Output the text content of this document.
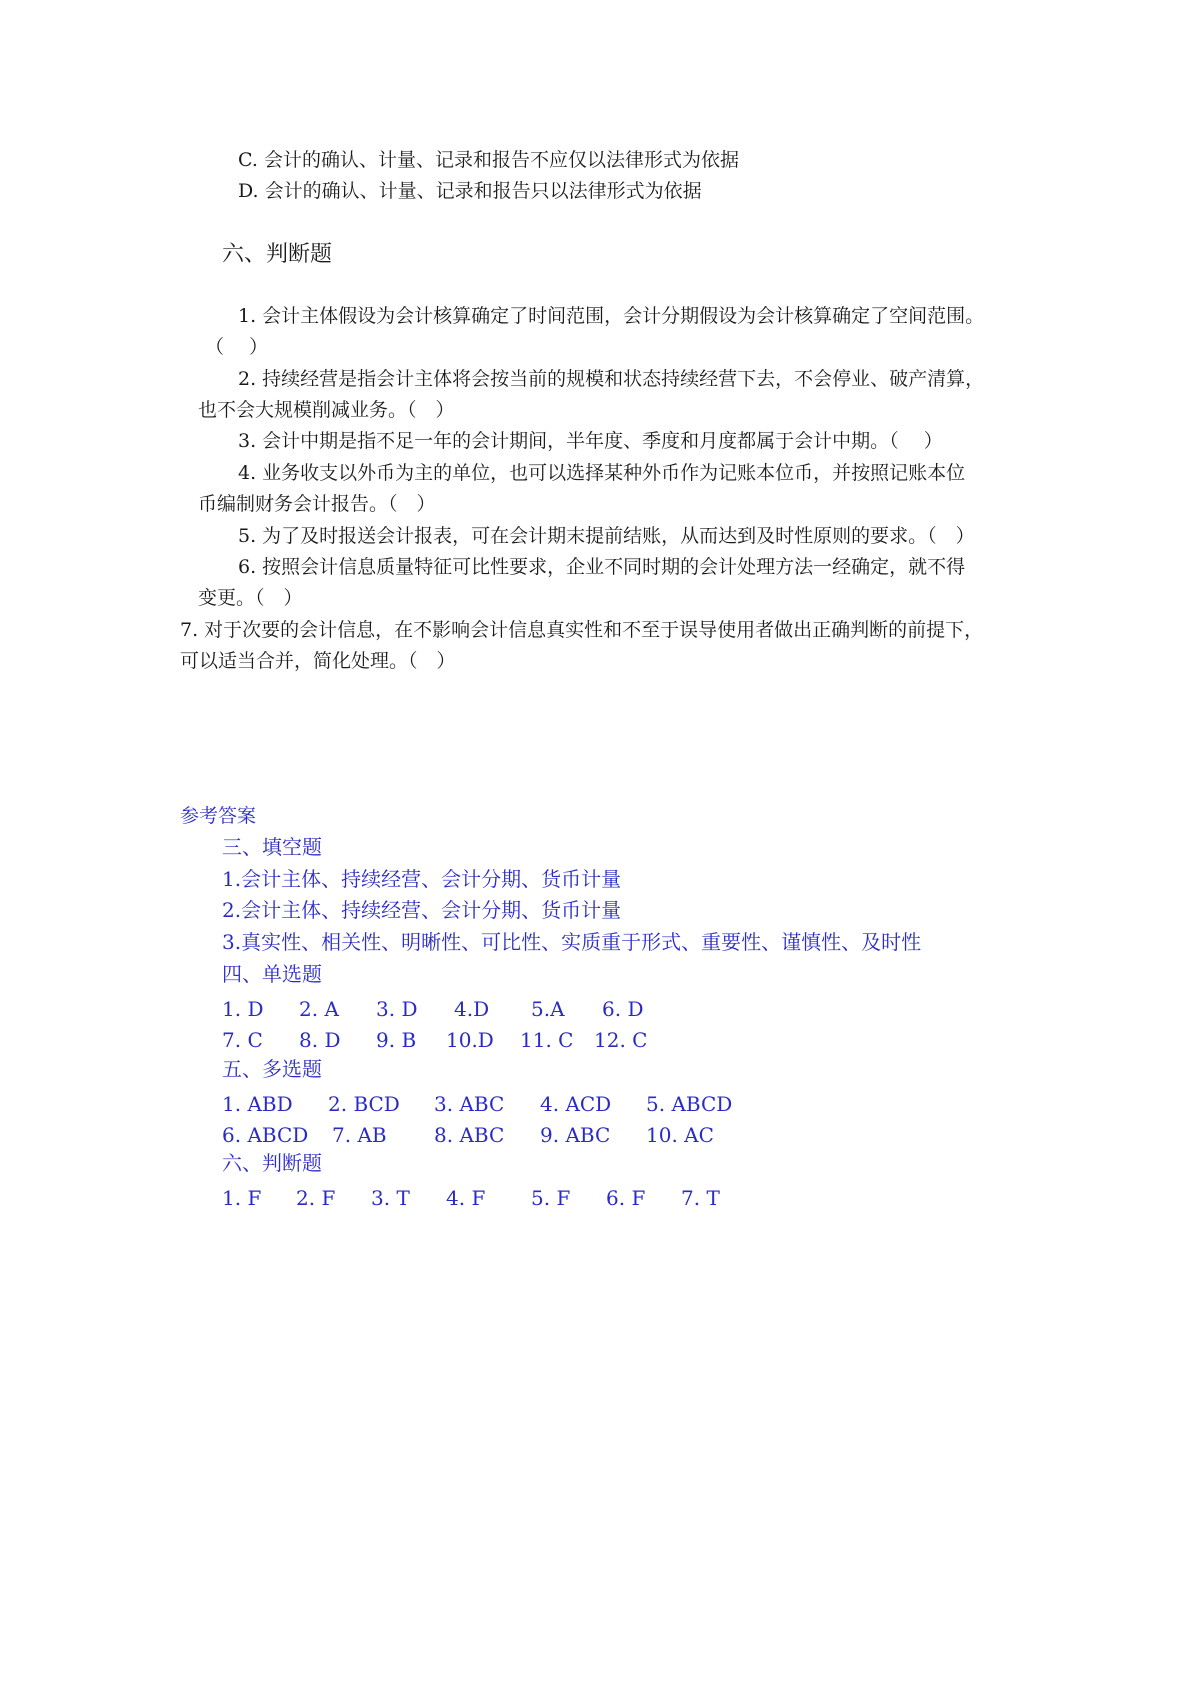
C. 会计的确认、计量、记录和报告不应仅以法律形式为依据
D. 会计的确认、计量、记录和报告只以法律形式为依据
六、判断题
1. 会计主体假设为会计核算确定了时间范围，会计分期假设为会计核算确定了空间范围。
（　 ）
2. 持续经营是指会计主体将会按当前的规模和状态持续经营下去，不会停业、破产清算，
也不会大规模削减业务。（　）
3. 会计中期是指不足一年的会计期间，半年度、季度和月度都属于会计中期。（　 ）
4. 业务收支以外币为主的单位，也可以选择某种外币作为记账本位币，并按照记账本位
币编制财务会计报告。（　）
5. 为了及时报送会计报表，可在会计期末提前结账，从而达到及时性原则的要求。（　）
6. 按照会计信息质量特征可比性要求，企业不同时期的会计处理方法一经确定，就不得
变更。（　）
7. 对于次要的会计信息，在不影响会计信息真实性和不至于误导使用者做出正确判断的前提下，
可以适当合并，简化处理。（　）
参考答案
三、填空题
1.会计主体、持续经营、会计分期、货币计量
2.会计主体、持续经营、会计分期、货币计量
3.真实性、相关性、明晰性、可比性、实质重于形式、重要性、谨慎性、及时性
四、单选题
1. D 2. A 3. D 4.D 5.A 6. D
7. C 8. D 9. B 10.D 11. C 12. C
五、多选题
1. ABD 2. BCD 3. ABC 4. ACD 5. ABCD
6. ABCD 7. AB 8. ABC 9. ABC 10. AC
六、判断题
1. F 2. F 3. T 4. F 5. F 6. F 7. T
